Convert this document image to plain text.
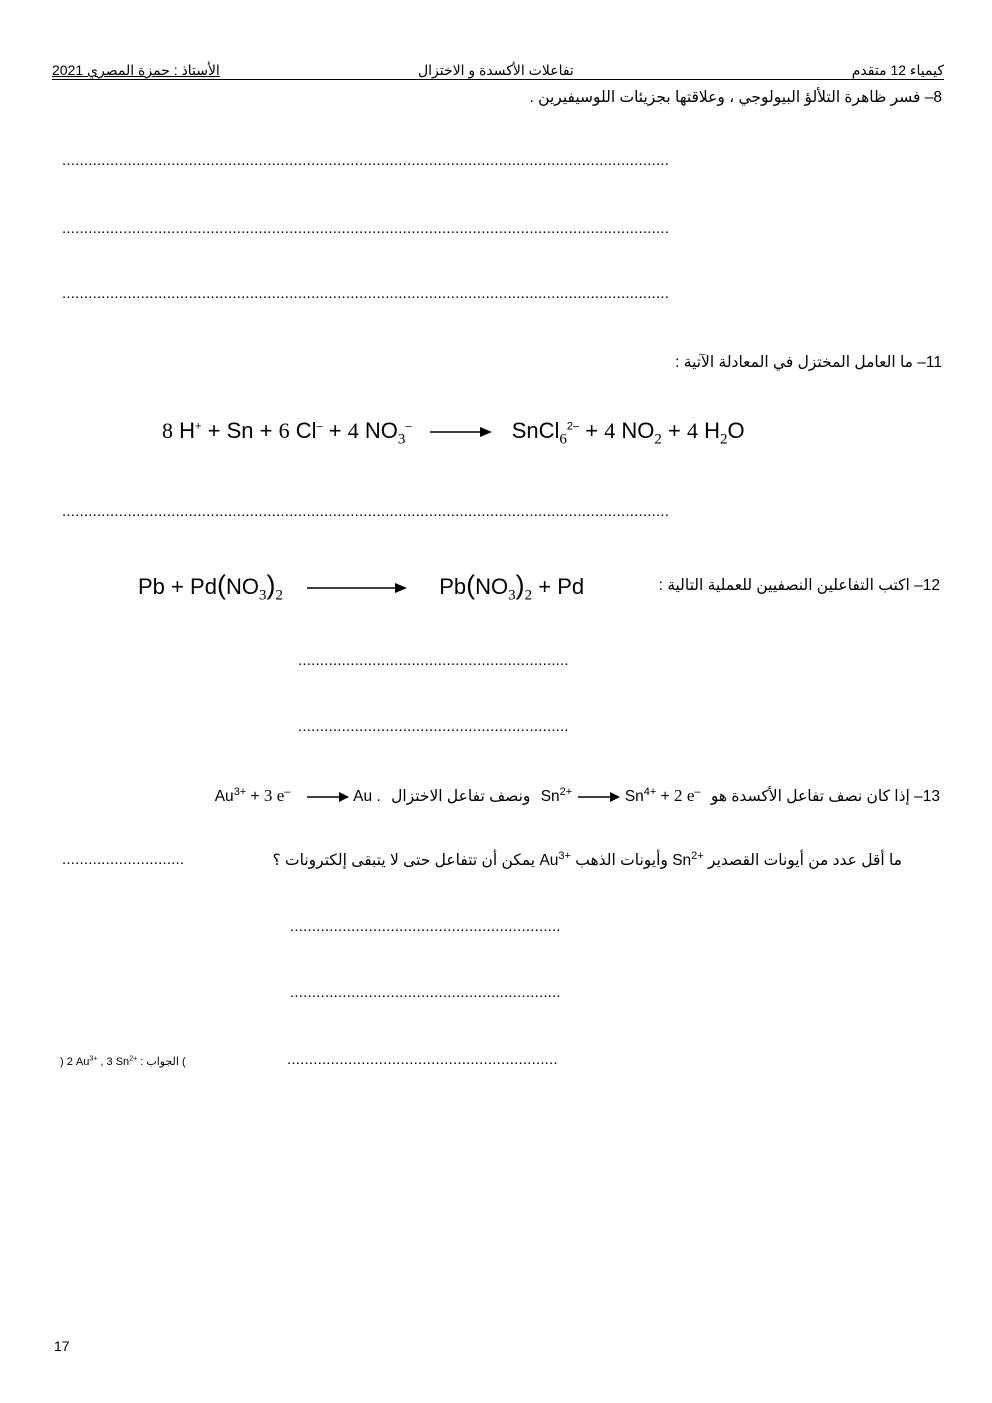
كيمياء 12 متقدم
تفاعلات الأكسدة و الاختزال
الأستاذ : حمزة المصري 2021
8– فسر ظاهرة التلألؤ البيولوجي ، وعلاقتها بجزيئات اللوسيفيرين .
...........................................................................................................................................
...........................................................................................................................................
...........................................................................................................................................
11– ما العامل المختزل في المعادلة الآتية :
8 H+ + Sn + 6 Cl– + 4 $NO_3^-$ → SnCl$_6^{2-}$ + 4 $NO_2 + 4$ $H_2O$
...........................................................................................................................................
12– اكتب التفاعلين النصفيين للعملية التالية :
$Pb + Pd(NO_3)_2$	$Pb(NO_3)_2 + Pd$
..............................................................
..............................................................
13– إذا كان نصف تفاعل الأكسدة هو $Sn^{2+} \to Sn^{4+} + 2$ e– ونصف تفاعل الاختزال $Au^{3+} + 3$ e– → Au .
ما أقل عدد من أيونات القصدير $Sn^{2+}$ وأيونات الذهب $Au^{3+}$ يمكن أن تتفاعل حتى لا يتبقى إلكترونات ؟
............................
..............................................................
..............................................................
..............................................................
) الجواب : 2 $Au^{3+}$ , 3 $Sn^{2+}$ (
17
